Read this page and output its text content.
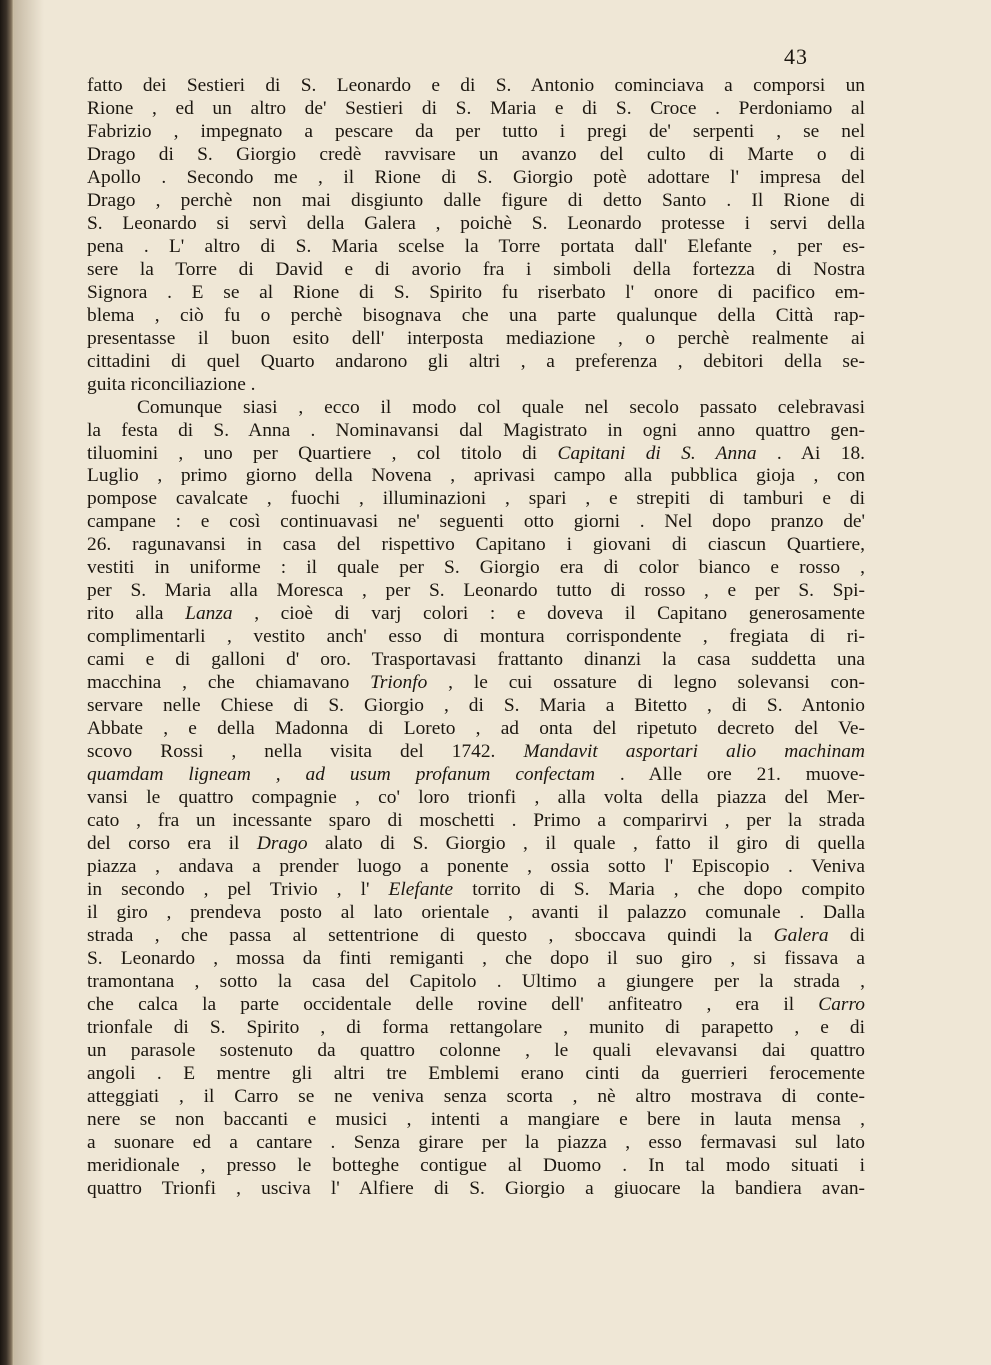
43
fatto dei Sestieri di S. Leonardo e di S. Antonio cominciava a comporsi un
Rione , ed un altro de' Sestieri di S. Maria e di S. Croce . Perdoniamo al
Fabrizio , impegnato a pescare da per tutto i pregi de' serpenti , se nel
Drago di S. Giorgio credè ravvisare un avanzo del culto di Marte o di
Apollo . Secondo me , il Rione di S. Giorgio potè adottare l' impresa del
Drago , perchè non mai disgiunto dalle figure di detto Santo . Il Rione di
S. Leonardo si servì della Galera , poichè S. Leonardo protesse i servi della
pena . L' altro di S. Maria scelse la Torre portata dall' Elefante , per es-
sere la Torre di David e di avorio fra i simboli della fortezza di Nostra
Signora . E se al Rione di S. Spirito fu riserbato l' onore di pacifico em-
blema , ciò fu o perchè bisognava che una parte qualunque della Città rap-
presentasse il buon esito dell' interposta mediazione , o perchè realmente ai
cittadini di quel Quarto andarono gli altri , a preferenza , debitori della se-
guita riconciliazione .
Comunque siasi , ecco il modo col quale nel secolo passato celebravasi
la festa di S. Anna . Nominavansi dal Magistrato in ogni anno quattro gen-
tiluomini , uno per Quartiere , col titolo di Capitani di S. Anna . Ai 18.
Luglio , primo giorno della Novena , aprivasi campo alla pubblica gioja , con
pompose cavalcate , fuochi , illuminazioni , spari , e strepiti di tamburi e di
campane : e così continuavasi ne' seguenti otto giorni . Nel dopo pranzo de'
26. ragunavansi in casa del rispettivo Capitano i giovani di ciascun Quartiere,
vestiti in uniforme : il quale per S. Giorgio era di color bianco e rosso ,
per S. Maria alla Moresca , per S. Leonardo tutto di rosso , e per S. Spi-
rito alla Lanza , cioè di varj colori : e doveva il Capitano generosamente
complimentarli , vestito anch' esso di montura corrispondente , fregiata di ri-
cami e di galloni d' oro. Trasportavasi frattanto dinanzi la casa suddetta una
macchina , che chiamavano Trionfo , le cui ossature di legno solevansi con-
servare nelle Chiese di S. Giorgio , di S. Maria a Bitetto , di S. Antonio
Abbate , e della Madonna di Loreto , ad onta del ripetuto decreto del Ve-
scovo Rossi , nella visita del 1742. Mandavit asportari alio machinam
quamdam ligneam , ad usum profanum confectam . Alle ore 21. muove-
vansi le quattro compagnie , co' loro trionfi , alla volta della piazza del Mer-
cato , fra un incessante sparo di moschetti . Primo a comparirvi , per la strada
del corso era il Drago alato di S. Giorgio , il quale , fatto il giro di quella
piazza , andava a prender luogo a ponente , ossia sotto l' Episcopio . Veniva
in secondo , pel Trivio , l' Elefante torrito di S. Maria , che dopo compito
il giro , prendeva posto al lato orientale , avanti il palazzo comunale . Dalla
strada , che passa al settentrione di questo , sboccava quindi la Galera di
S. Leonardo , mossa da finti remiganti , che dopo il suo giro , si fissava a
tramontana , sotto la casa del Capitolo . Ultimo a giungere per la strada ,
che calca la parte occidentale delle rovine dell' anfiteatro , era il Carro
trionfale di S. Spirito , di forma rettangolare , munito di parapetto , e di
un parasole sostenuto da quattro colonne , le quali elevavansi dai quattro
angoli . E mentre gli altri tre Emblemi erano cinti da guerrieri ferocemente
atteggiati , il Carro se ne veniva senza scorta , nè altro mostrava di conte-
nere se non baccanti e musici , intenti a mangiare e bere in lauta mensa ,
a suonare ed a cantare . Senza girare per la piazza , esso fermavasi sul lato
meridionale , presso le botteghe contigue al Duomo . In tal modo situati i
quattro Trionfi , usciva l' Alfiere di S. Giorgio a giuocare la bandiera avan-
